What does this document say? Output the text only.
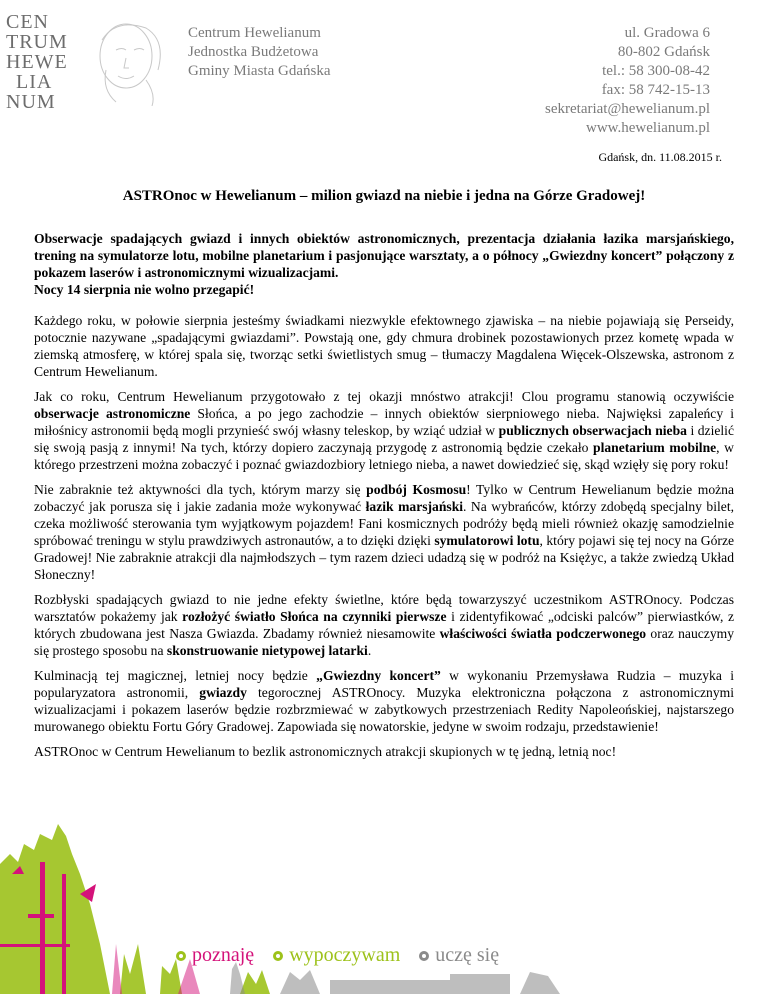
CEN
TRUM
HEWE
LIA
NUM
Centrum Hewelianum
Jednostka Budżetowa
Gminy Miasta Gdańska
ul. Gradowa 6
80-802 Gdańsk
tel.: 58 300-08-42
fax: 58 742-15-13
sekretariat@hewelianum.pl
www.hewelianum.pl
Gdańsk, dn. 11.08.2015 r.
ASTROnoc w Hewelianum – milion gwiazd na niebie i jedna na Górze Gradowej!

Obserwacje spadających gwiazd i innych obiektów astronomicznych, prezentacja działania łazika marsjańskiego, trening na symulatorze lotu, mobilne planetarium i pasjonujące warsztaty, a o północy „Gwiezdny koncert” połączony z pokazem laserów i astronomicznymi wizualizacjami.
Nocy 14 sierpnia nie wolno przegapić!

Każdego roku, w połowie sierpnia jesteśmy świadkami niezwykle efektownego zjawiska – na niebie pojawiają się Perseidy, potocznie nazywane „spadającymi gwiazdami”. Powstają one, gdy chmura drobinek pozostawionych przez kometę wpada w ziemską atmosferę, w której spala się, tworząc setki świetlistych smug – tłumaczy Magdalena Więcek-Olszewska, astronom z Centrum Hewelianum.

Jak co roku, Centrum Hewelianum przygotowało z tej okazji mnóstwo atrakcji! Clou programu stanowią oczywiście obserwacje astronomiczne Słońca, a po jego zachodzie – innych obiektów sierpniowego nieba. Najwięksi zapaleńcy i miłośnicy astronomii będą mogli przynieść swój własny teleskop, by wziąć udział w publicznych obserwacjach nieba i dzielić się swoją pasją z innymi! Na tych, którzy dopiero zaczynają przygodę z astronomią będzie czekało planetarium mobilne, w którego przestrzeni można zobaczyć i poznać gwiazdozbiory letniego nieba, a nawet dowiedzieć się, skąd wzięły się pory roku!

Nie zabraknie też aktywności dla tych, którym marzy się podbój Kosmosu! Tylko w Centrum Hewelianum będzie można zobaczyć jak porusza się i jakie zadania może wykonywać łazik marsjański. Na wybrańców, którzy zdobędą specjalny bilet, czeka możliwość sterowania tym wyjątkowym pojazdem! Fani kosmicznych podróży będą mieli również okazję samodzielnie spróbować treningu w stylu prawdziwych astronautów, a to dzięki dzięki symulatorowi lotu, który pojawi się tej nocy na Górze Gradowej! Nie zabraknie atrakcji dla najmłodszych – tym razem dzieci udadzą się w podróż na Księżyc, a także zwiedzą Układ Słoneczny!

Rozbłyski spadających gwiazd to nie jedne efekty świetlne, które będą towarzyszyć uczestnikom ASTROnocy. Podczas warsztatów pokażemy jak rozłożyć światło Słońca na czynniki pierwsze i zidentyfikować „odciski palców” pierwiastków, z których zbudowana jest Nasza Gwiazda. Zbadamy również niesamowite właściwości światła podczerwonego oraz nauczymy się prostego sposobu na skonstruowanie nietypowej latarki.

Kulminacją tej magicznej, letniej nocy będzie „Gwiezdny koncert” w wykonaniu Przemysława Rudzia – muzyka i popularyzatora astronomii, gwiazdy tegorocznej ASTROnocy. Muzyka elektroniczna połączona z astronomicznymi wizualizacjami i pokazem laserów będzie rozbrzmiewać w zabytkowych przestrzeniach Redity Napoleońskiej, najstarszego murowanego obiektu Fortu Góry Gradowej. Zapowiada się nowatorskie, jedyne w swoim rodzaju, przedstawienie!

ASTROnoc w Centrum Hewelianum to bezlik astronomicznych atrakcji skupionych w tę jedną, letnią noc!

poznaję wypoczywam uczę się
